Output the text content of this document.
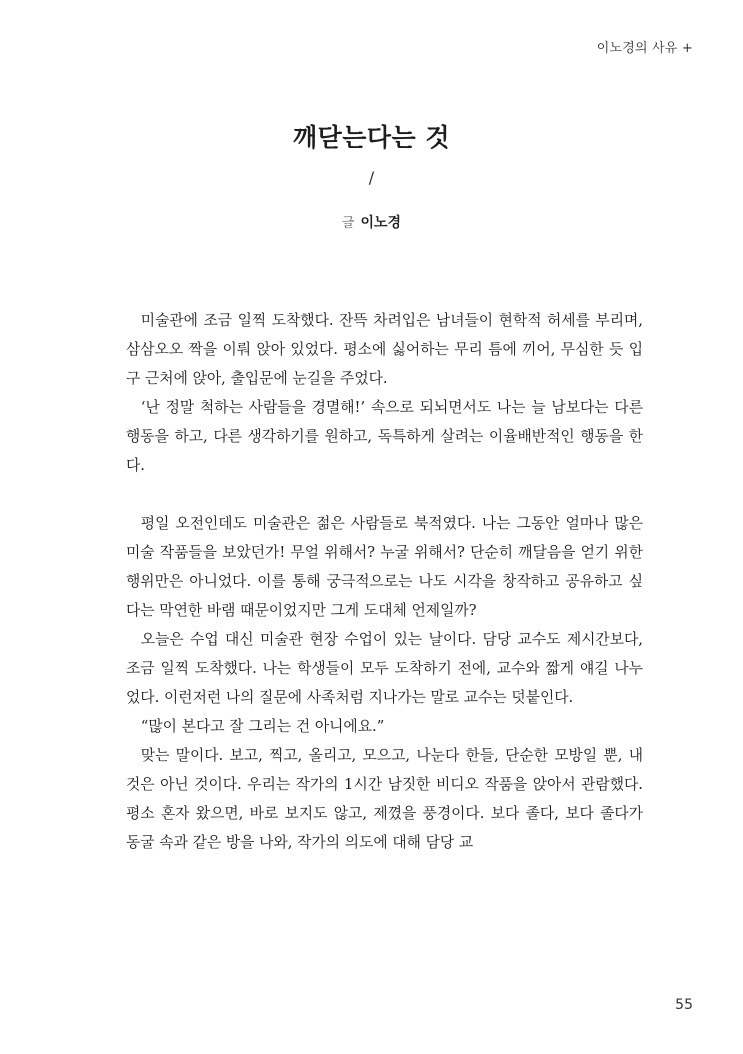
이노경의 사유 +
깨닫는다는 것
/
글 이노경

미술관에 조금 일찍 도착했다. 잔뜩 차려입은 남녀들이 현학적 허세를 부리며, 삼삼오오 짝을 이뤄 앉아 있었다. 평소에 싫어하는 무리 틈에 끼어, 무심한 듯 입구 근처에 앉아, 출입문에 눈길을 주었다.

‘난 정말 척하는 사람들을 경멸해!’ 속으로 되뇌면서도 나는 늘 남보다는 다른 행동을 하고, 다른 생각하기를 원하고, 독특하게 살려는 이율배반적인 행동을 한다.

평일 오전인데도 미술관은 젊은 사람들로 북적였다. 나는 그동안 얼마나 많은 미술 작품들을 보았던가! 무얼 위해서? 누굴 위해서? 단순히 깨달음을 얻기 위한 행위만은 아니었다. 이를 통해 궁극적으로는 나도 시각을 창작하고 공유하고 싶다는 막연한 바램 때문이었지만 그게 도대체 언제일까?

오늘은 수업 대신 미술관 현장 수업이 있는 날이다. 담당 교수도 제시간보다, 조금 일찍 도착했다. 나는 학생들이 모두 도착하기 전에, 교수와 짧게 얘길 나누었다. 이런저런 나의 질문에 사족처럼 지나가는 말로 교수는 덧붙인다.

“많이 본다고 잘 그리는 건 아니에요.”

맞는 말이다. 보고, 찍고, 올리고, 모으고, 나눈다 한들, 단순한 모방일 뿐, 내 것은 아닌 것이다. 우리는 작가의 1시간 남짓한 비디오 작품을 앉아서 관람했다. 평소 혼자 왔으면, 바로 보지도 않고, 제꼈을 풍경이다. 보다 졸다, 보다 졸다가 동굴 속과 같은 방을 나와, 작가의 의도에 대해 담당 교

55
